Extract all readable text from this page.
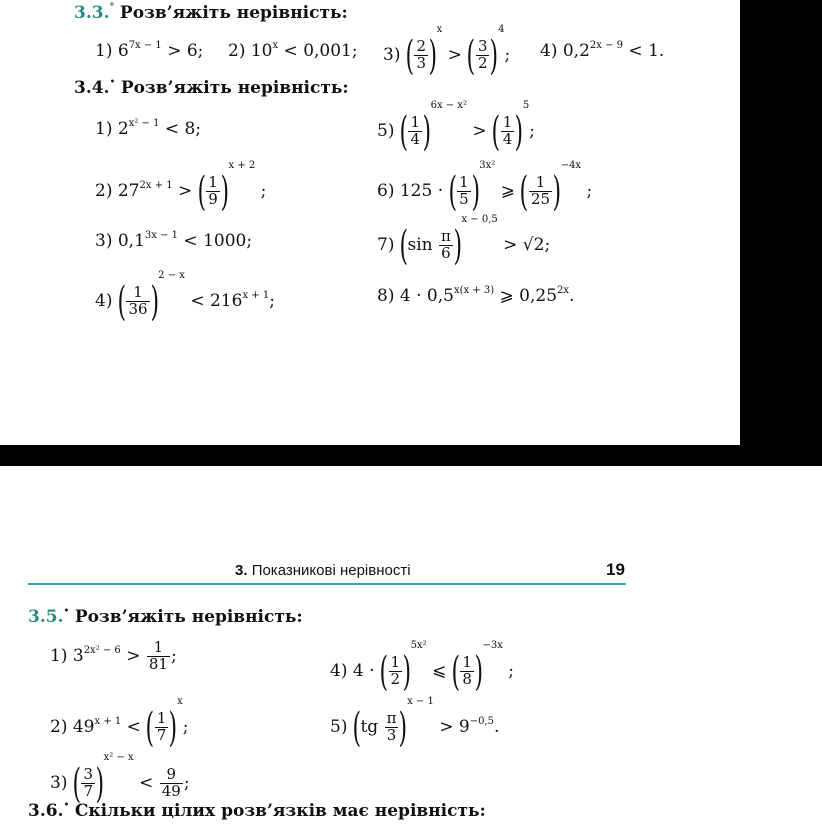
3.3.° Розв’яжіть нерівність:
1) $6^{7x - 1} > 6$; 2) $10^x < 0,001$; 3) ( $\frac{2}{3} )x$ > ( $\frac{3}{2} )4$; 4) $0,2^{2x - 9} < 1$.
3.4.• Розв’яжіть нерівність:
1) $2^{x^2 - 1} < 8$;
2) $27^{2x + 1}$ > ( $\frac{1}{9} )x + 2$ ;
3) $0,1^{3x - 1} < 1000$;
4) ( $\frac{1}{36} )2 - x < 216^{x + 1}$;
5) ( $\frac{1}{4} )6x - x^2$ > ( $\frac{1}{4} )5$;
6) 125 · ( $\frac{1}{5} )3x^2$ ⩾ ( $\frac{1}{25} )-4x$ ;
7) $(\sin \frac{\pi}{6} )x - 0,5 > √2$;
8) $4 \cdot 0,5^{x(x + 3)}$ ⩾ $0,25^{2x}$.
3. Показникові нерівності	19
3.5.• Розв’яжіть нерівність:
1) $3^{2x^2 - 6} > \frac{1}{81}$ ;
2) $49^{x + 1}$ < ( $\frac{1}{7} )x$;
3) ( $\frac{3}{7} )x^2 - x < \frac{9}{49}$ ;
4) 4 · ( $\frac{1}{2} )5x^2$ ⩽ ( $\frac{1}{8} )-3x$ ;
5) $(tg \frac{\pi}{3} )x - 1 > 9^{-0,5}$.
3.6.• Скільки цілих розв’язків має нерівність:
